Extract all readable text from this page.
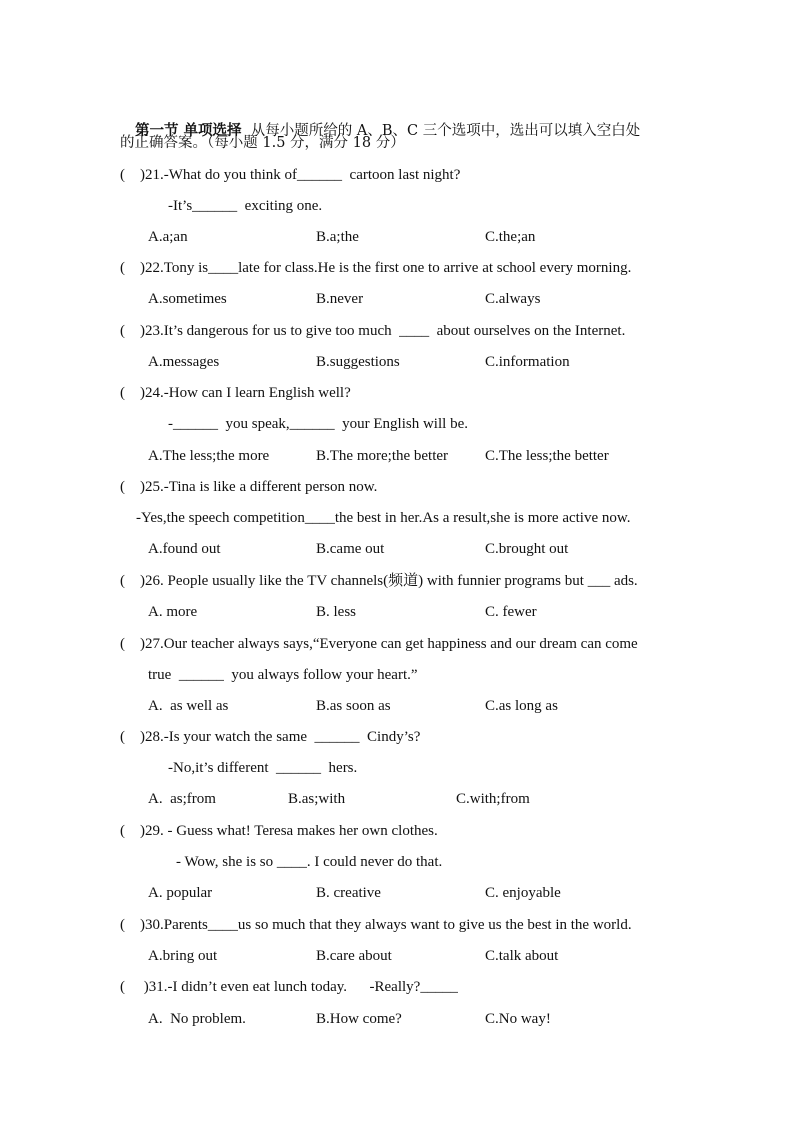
第一节 单项选择 从每小题所给的 A、B、C 三个选项中，选出可以填入空白处

的正确答案。（每小题 1.5 分，满分 18 分）
(    )21.-What do you think of______  cartoon last night?
-It’s______  exciting one.
A.a;an	B.a;the	C.the;an
(    )22.Tony is____late for class.He is the first one to arrive at school every morning.
A.sometimes	B.never	C.always
(    )23.It’s dangerous for us to give too much  ____  about ourselves on the Internet.
A.messages	B.suggestions	C.information
(    )24.-How can I learn English well?
-______  you speak,______  your English will be.
A.The less;the more	B.The more;the better C.The less;the better
(    )25.-Tina is like a different person now.
-Yes,the speech competition____the best in her.As a result,she is more active now.
A.found out	B.came out	C.brought out
(    )26. People usually like the TV channels(频道) with funnier programs but ___ ads.
A. more	B. less	C. fewer
(    )27.Our teacher always says,“Everyone can get happiness and our dream can come
true  ______  you always follow your heart.”
A.  as well as	B.as soon as	C.as long as
(    )28.-Is your watch the same  ______  Cindy’s?
-No,it’s different  ______  hers.
A.  as;from	B.as;with	C.with;from
(    )29. - Guess what! Teresa makes her own clothes.
- Wow, she is so ____. I could never do that.
A. popular	B. creative	C. enjoyable
(    )30.Parents____us so much that they always want to give us the best in the world.
A.bring out	B.care about	C.talk about
(     )31.-I didn’t even eat lunch today.      -Really?_____
A.  No problem.	B.How come?	C.No way!
